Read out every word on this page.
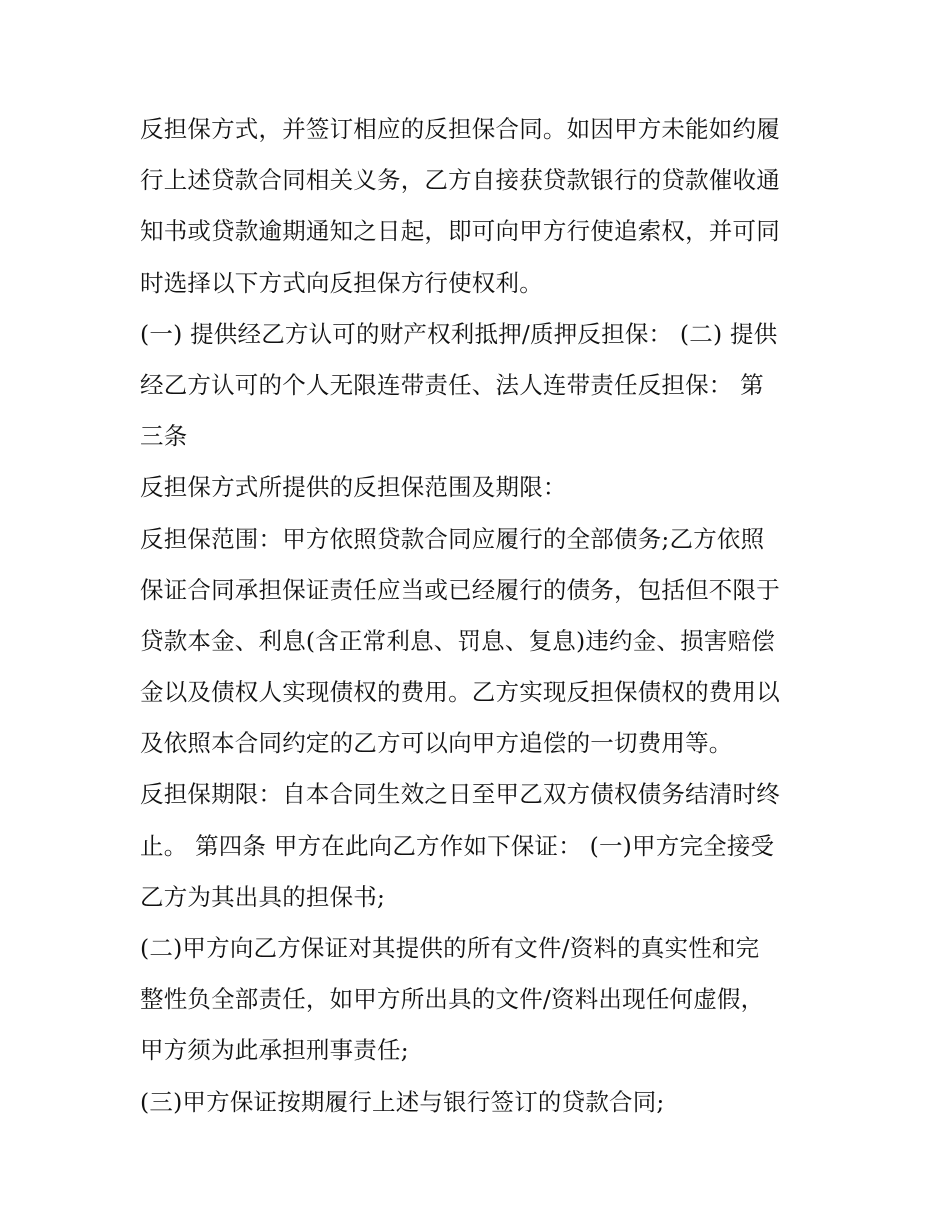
反担保方式，并签订相应的反担保合同。如因甲方未能如约履
行上述贷款合同相关义务，乙方自接获贷款银行的贷款催收通
知书或贷款逾期通知之日起，即可向甲方行使追索权，并可同
时选择以下方式向反担保方行使权利。
(一) 提供经乙方认可的财产权利抵押/质押反担保： (二) 提供
经乙方认可的个人无限连带责任、法人连带责任反担保： 第
三条
反担保方式所提供的反担保范围及期限：
反担保范围：甲方依照贷款合同应履行的全部债务;乙方依照
保证合同承担保证责任应当或已经履行的债务，包括但不限于
贷款本金、利息(含正常利息、罚息、复息)违约金、损害赔偿
金以及债权人实现债权的费用。乙方实现反担保债权的费用以
及依照本合同约定的乙方可以向甲方追偿的一切费用等。
反担保期限：自本合同生效之日至甲乙双方债权债务结清时终
止。 第四条 甲方在此向乙方作如下保证： (一)甲方完全接受
乙方为其出具的担保书;
(二)甲方向乙方保证对其提供的所有文件/资料的真实性和完
整性负全部责任，如甲方所出具的文件/资料出现任何虚假，
甲方须为此承担刑事责任;
(三)甲方保证按期履行上述与银行签订的贷款合同;
